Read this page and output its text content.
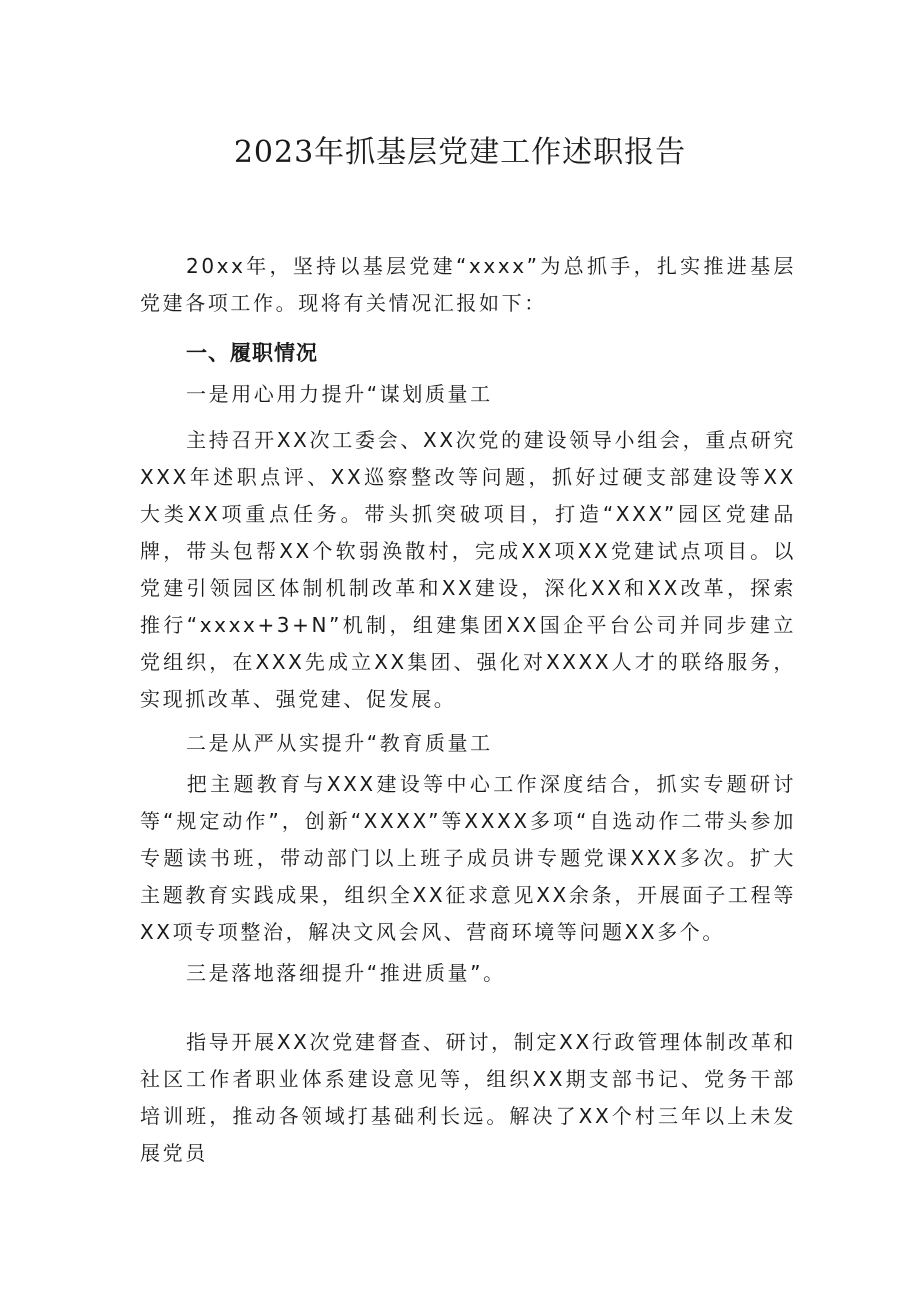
2023年抓基层党建工作述职报告

20xx年，坚持以基层党建“xxxx”为总抓手，扎实推进基层党建各项工作。现将有关情况汇报如下：

一、履职情况
一是用心用力提升“谋划质量工

主持召开XX次工委会、XX次党的建设领导小组会，重点研究XXX年述职点评、XX巡察整改等问题，抓好过硬支部建设等XX大类XX项重点任务。带头抓突破项目，打造“XXX”园区党建品牌，带头包帮XX个软弱涣散村，完成XX项XX党建试点项目。以党建引领园区体制机制改革和XX建设，深化XX和XX改革，探索推行“xxxx+3+N”机制，组建集团XX国企平台公司并同步建立党组织，在XXX先成立XX集团、强化对XXXX人才的联络服务，实现抓改革、强党建、促发展。

二是从严从实提升“教育质量工

把主题教育与XXX建设等中心工作深度结合，抓实专题研讨等“规定动作”，创新“XXXX”等XXXX多项“自选动作二带头参加专题读书班，带动部门以上班子成员讲专题党课XXX多次。扩大主题教育实践成果，组织全XX征求意见XX余条，开展面子工程等XX项专项整治，解决文风会风、营商环境等问题XX多个。

三是落地落细提升“推进质量”。

指导开展XX次党建督查、研讨，制定XX行政管理体制改革和社区工作者职业体系建设意见等，组织XX期支部书记、党务干部培训班，推动各领域打基础利长远。解决了XX个村三年以上未发展党员
